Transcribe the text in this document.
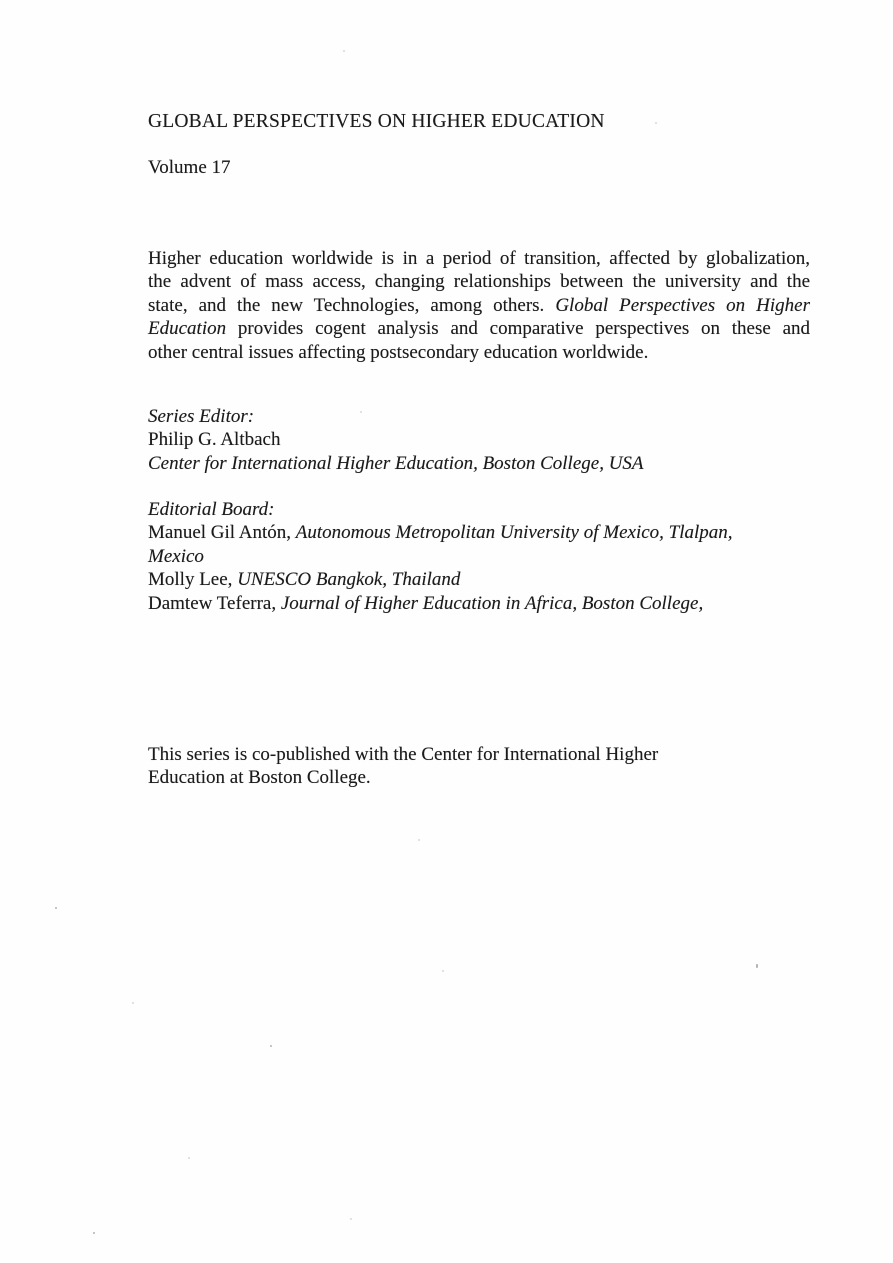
GLOBAL PERSPECTIVES ON HIGHER EDUCATION
Volume 17
Higher education worldwide is in a period of transition, affected by globalization,
the advent of mass access, changing relationships between the university and the
state, and the new Technologies, among others. Global Perspectives on Higher
Education provides cogent analysis and comparative perspectives on these and
other central issues affecting postsecondary education worldwide.
Series Editor:
Philip G. Altbach
Center for International Higher Education, Boston College, USA
Editorial Board:
Manuel Gil Antón, Autonomous Metropolitan University of Mexico, Tlalpan,
Mexico
Molly Lee, UNESCO Bangkok, Thailand
Damtew Teferra, Journal of Higher Education in Africa, Boston College,
This series is co-published with the Center for International Higher
Education at Boston College.
